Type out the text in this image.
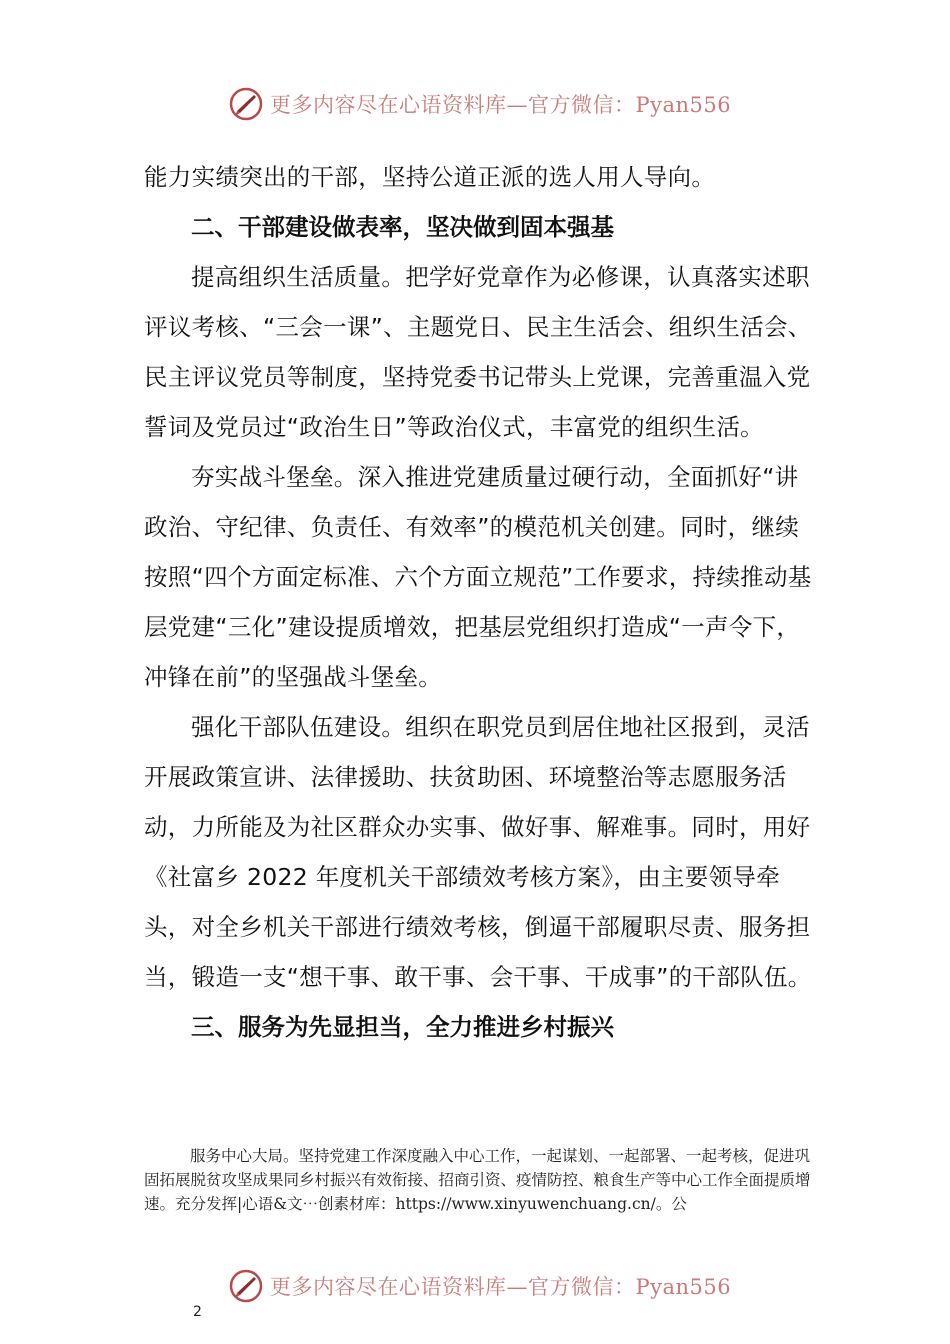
更多内容尽在心语资料库—官方微信：Pyan556

能力实绩突出的干部，坚持公道正派的选人用人导向。

二、干部建设做表率，坚决做到固本强基

提高组织生活质量。把学好党章作为必修课，认真落实述职评议考核、“三会一课”、主题党日、民主生活会、组织生活会、民主评议党员等制度，坚持党委书记带头上党课，完善重温入党誓词及党员过“政治生日”等政治仪式，丰富党的组织生活。

夯实战斗堡垒。深入推进党建质量过硬行动，全面抓好“讲政治、守纪律、负责任、有效率”的模范机关创建。同时，继续按照“四个方面定标准、六个方面立规范”工作要求，持续推动基层党建“三化”建设提质增效，把基层党组织打造成“一声令下，冲锋在前”的坚强战斗堡垒。

强化干部队伍建设。组织在职党员到居住地社区报到，灵活开展政策宣讲、法律援助、扶贫助困、环境整治等志愿服务活动，力所能及为社区群众办实事、做好事、解难事。同时，用好《社富乡 2022 年度机关干部绩效考核方案》，由主要领导牵头，对全乡机关干部进行绩效考核，倒逼干部履职尽责、服务担当，锻造一支“想干事、敢干事、会干事、干成事”的干部队伍。

三、服务为先显担当，全力推进乡村振兴

服务中心大局。坚持党建工作深度融入中心工作，一起谋划、一起部署、一起考核，促进巩固拓展脱贫攻坚成果同乡村振兴有效衔接、招商引资、疫情防控、粮食生产等中心工作全面提质增速。充分发挥|心语&文⋯创素材库：https://www.xinyuwenchuang.cn/。公
更多内容尽在心语资料库—官方微信：Pyan556
2
